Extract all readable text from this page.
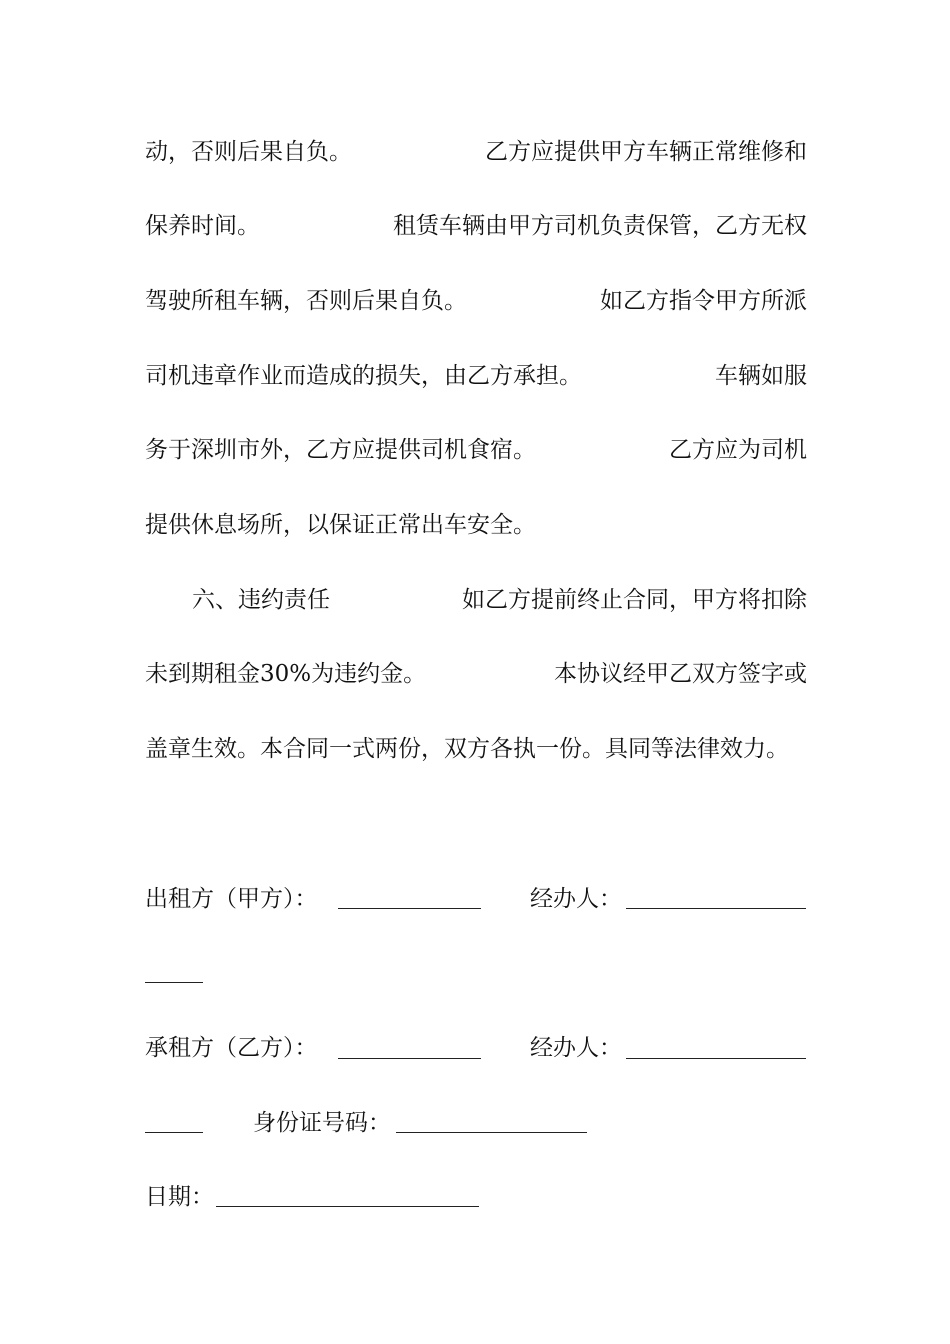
动，否则后果自负。	乙方应提供甲方车辆正常维修和
保养时间。	租赁车辆由甲方司机负责保管，乙方无权
驾驶所租车辆，否则后果自负。	如乙方指令甲方所派
司机违章作业而造成的损失，由乙方承担。	车辆如服
务于深圳市外，乙方应提供司机食宿。	乙方应为司机
提供休息场所，以保证正常出车安全。
六、违约责任	如乙方提前终止合同，甲方将扣除
未到期租金30%为违约金。	本协议经甲乙双方签字或
盖章生效。本合同一式两份，双方各执一份。具同等法律效力。
出租方（甲方）：	经办人：
承租方（乙方）：	经办人：
身份证号码：
日期：
